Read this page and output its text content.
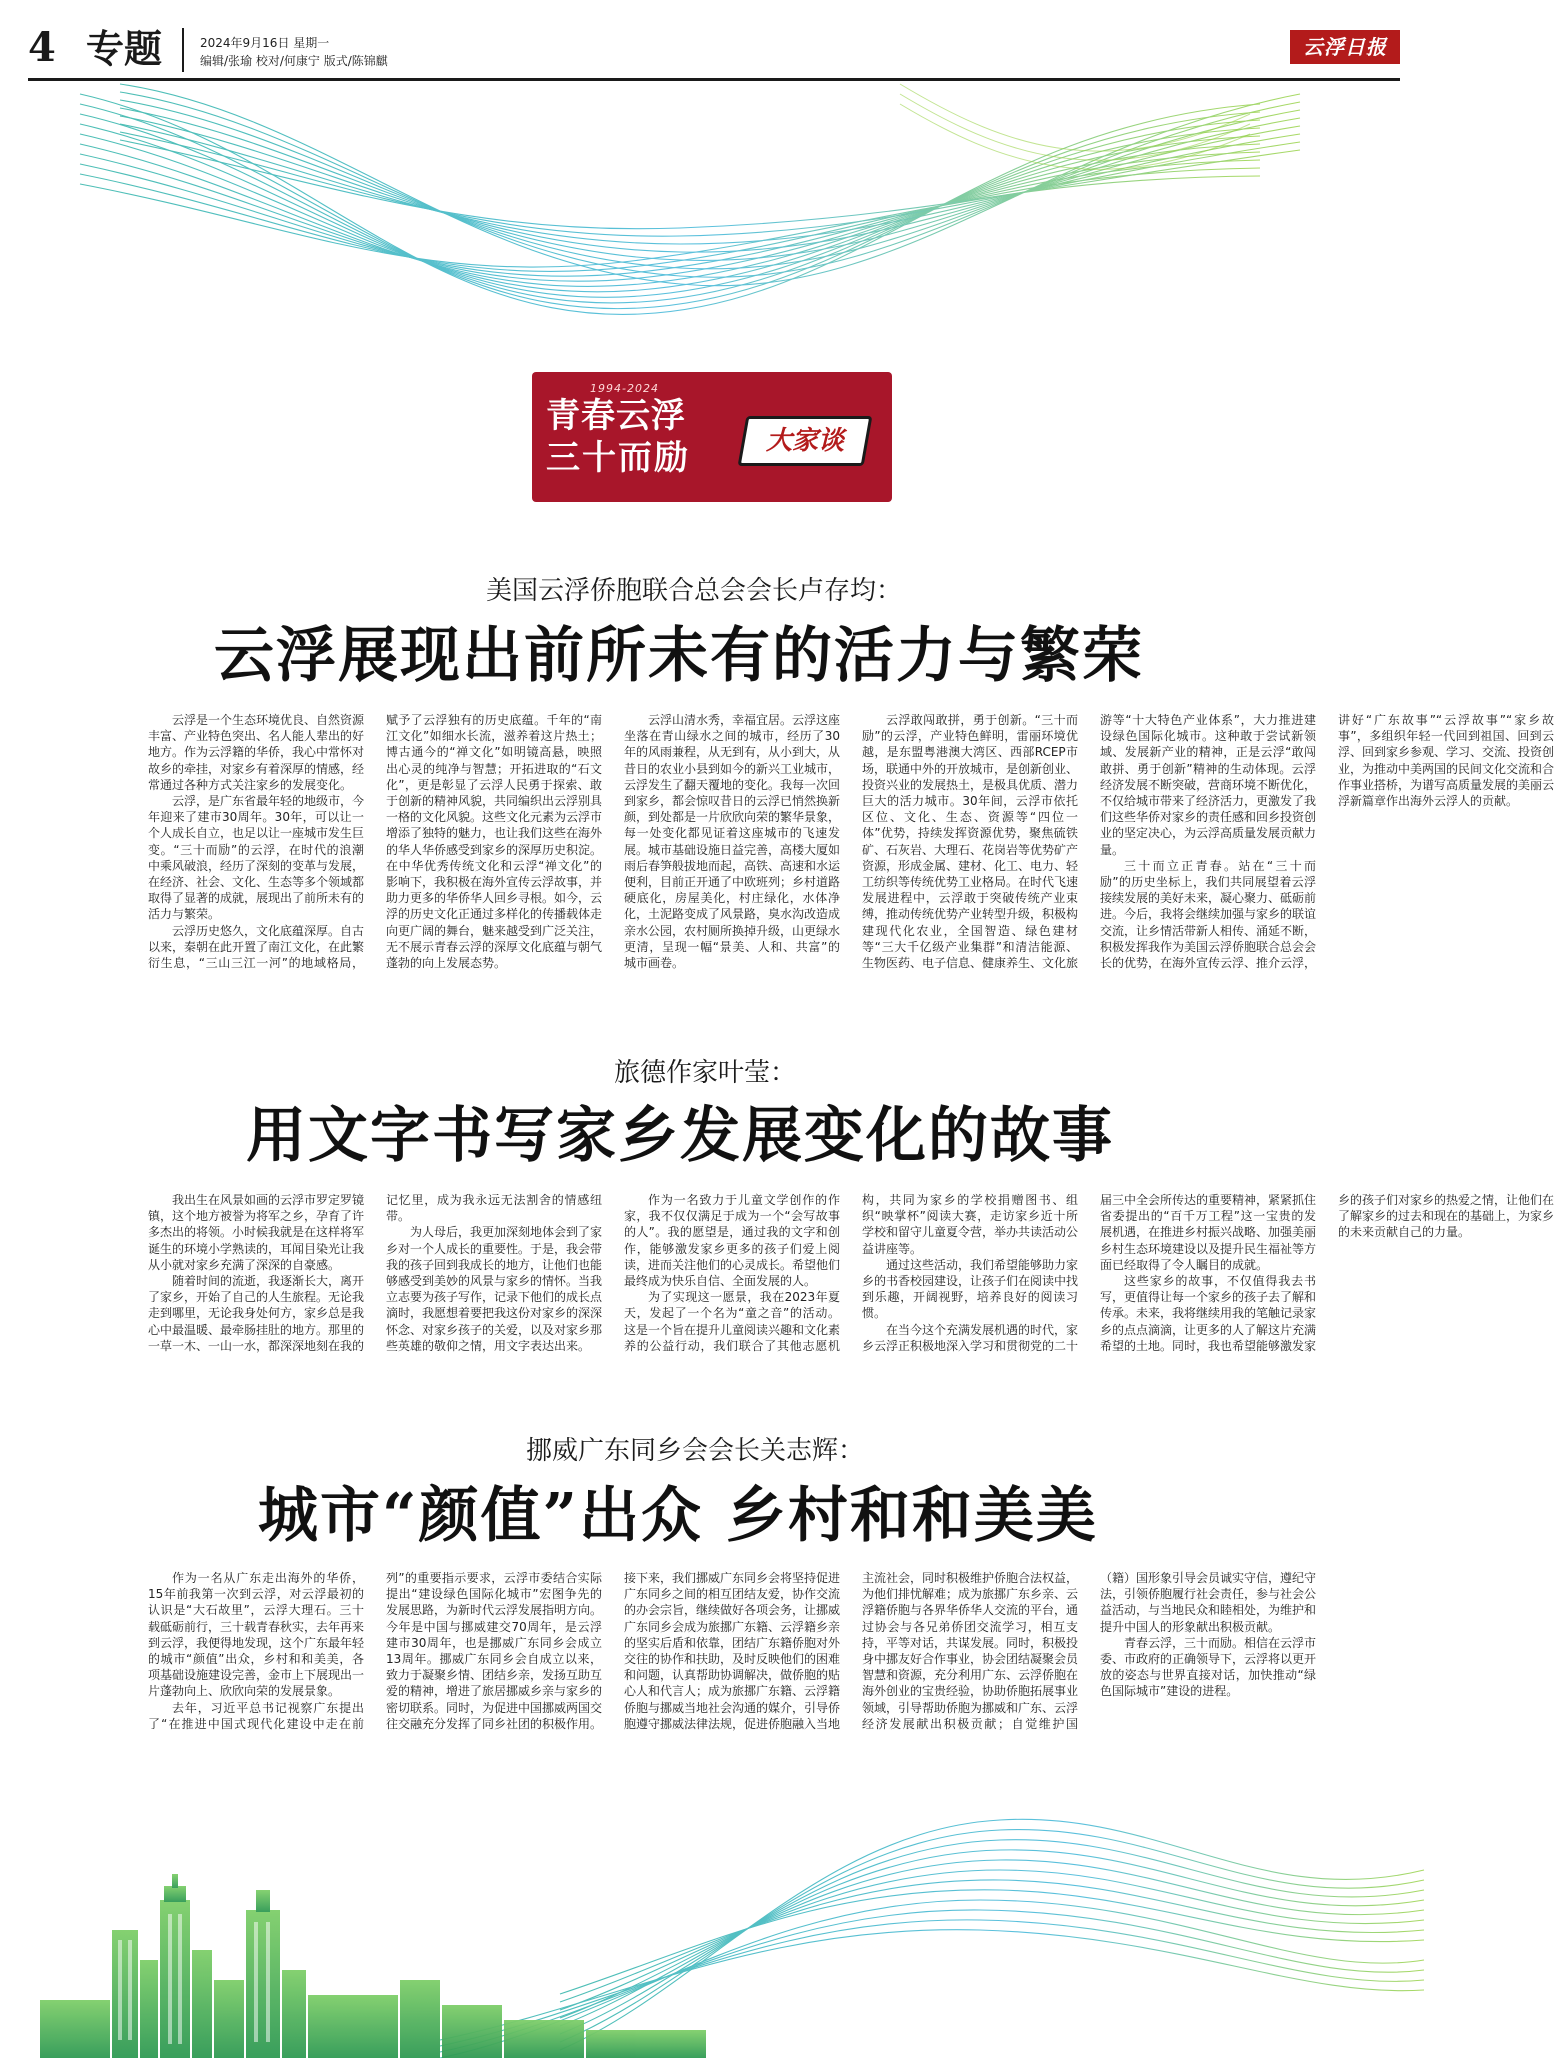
4 专题	2024年9月16日 星期一
编辑/张瑜 校对/何康宁 版式/陈锦麒
云浮日报
1994-2024
青春云浮
三十而励	大家谈
美国云浮侨胞联合总会会长卢存均：
云浮展现出前所未有的活力与繁荣

云浮是一个生态环境优良、自然资源丰富、产业特色突出、名人能人辈出的好地方。作为云浮籍的华侨，我心中常怀对故乡的牵挂，对家乡有着深厚的情感，经常通过各种方式关注家乡的发展变化。

云浮，是广东省最年轻的地级市，今年迎来了建市30周年。30年，可以让一个人成长自立，也足以让一座城市发生巨变。“三十而励”的云浮，在时代的浪潮中乘风破浪，经历了深刻的变革与发展，在经济、社会、文化、生态等多个领域都取得了显著的成就，展现出了前所未有的活力与繁荣。

云浮历史悠久，文化底蕴深厚。自古以来，秦朝在此开置了南江文化，在此繁衍生息，“三山三江一河”的地域格局，赋予了云浮独有的历史底蕴。千年的“南江文化”如细水长流，滋养着这片热土；博古通今的“禅文化”如明镜高悬，映照出心灵的纯净与智慧；开拓进取的“石文化”，更是彰显了云浮人民勇于探索、敢于创新的精神风貌，共同编织出云浮别具一格的文化风貌。这些文化元素为云浮市增添了独特的魅力，也让我们这些在海外的华人华侨感受到家乡的深厚历史积淀。在中华优秀传统文化和云浮“禅文化”的影响下，我积极在海外宣传云浮故事，并助力更多的华侨华人回乡寻根。如今，云浮的历史文化正通过多样化的传播载体走向更广阔的舞台，魅来越受到广泛关注，无不展示青春云浮的深厚文化底蕴与朝气蓬勃的向上发展态势。

云浮山清水秀，幸福宜居。云浮这座坐落在青山绿水之间的城市，经历了30年的风雨兼程，从无到有，从小到大，从昔日的农业小县到如今的新兴工业城市，云浮发生了翻天覆地的变化。我每一次回到家乡，都会惊叹昔日的云浮已悄然换新颜，到处都是一片欣欣向荣的繁华景象，每一处变化都见证着这座城市的飞速发展。城市基础设施日益完善，高楼大厦如雨后春笋般拔地而起，高铁、高速和水运便利，目前正开通了中欧班列；乡村道路硬底化，房屋美化，村庄绿化，水体净化，土泥路变成了风景路，臭水沟改造成亲水公园，农村厕所换掉升级，山更绿水更清，呈现一幅“景美、人和、共富”的城市画卷。

云浮敢闯敢拼，勇于创新。“三十而励”的云浮，产业特色鲜明，雷丽环境优越，是东盟粤港澳大湾区、西部RCEP市场，联通中外的开放城市，是创新创业、投资兴业的发展热土，是极具优质、潜力巨大的活力城市。30年间，云浮市依托区位、文化、生态、资源等“四位一体”优势，持续发挥资源优势，聚焦硫铁矿、石灰岩、大理石、花岗岩等优势矿产资源，形成金属、建材、化工、电力、轻工纺织等传统优势工业格局。在时代飞速发展进程中，云浮敢于突破传统产业束缚，推动传统优势产业转型升级，积极构建现代化农业，全国智造、绿色建材等“三大千亿级产业集群”和清洁能源、生物医药、电子信息、健康养生、文化旅游等“十大特色产业体系”，大力推进建设绿色国际化城市。这种敢于尝试新领域、发展新产业的精神，正是云浮“敢闯敢拼、勇于创新”精神的生动体现。云浮经济发展不断突破，营商环境不断优化，不仅给城市带来了经济活力，更激发了我们这些华侨对家乡的责任感和回乡投资创业的坚定决心，为云浮高质量发展贡献力量。

三十而立正青春。站在“三十而励”的历史坐标上，我们共同展望着云浮接续发展的美好未来，凝心聚力、砥砺前进。今后，我将会继续加强与家乡的联谊交流，让乡情活带新人相传、涌延不断，积极发挥我作为美国云浮侨胞联合总会会长的优势，在海外宣传云浮、推介云浮，讲好“广东故事”“云浮故事”“家乡故事”，多组织年轻一代回到祖国、回到云浮、回到家乡参观、学习、交流、投资创业，为推动中美两国的民间文化交流和合作事业搭桥，为谱写高质量发展的美丽云浮新篇章作出海外云浮人的贡献。

旅德作家叶莹：
用文字书写家乡发展变化的故事

我出生在风景如画的云浮市罗定罗镜镇，这个地方被誉为将军之乡，孕育了许多杰出的将领。小时候我就是在这样将军诞生的环境小学熟读的，耳闻目染光让我从小就对家乡充满了深深的自豪感。

随着时间的流逝，我逐渐长大，离开了家乡，开始了自己的人生旅程。无论我走到哪里，无论我身处何方，家乡总是我心中最温暖、最牵肠挂肚的地方。那里的一草一木、一山一水，都深深地刻在我的记忆里，成为我永远无法割舍的情感纽带。

为人母后，我更加深刻地体会到了家乡对一个人成长的重要性。于是，我会带我的孩子回到我成长的地方，让他们也能够感受到美妙的风景与家乡的情怀。当我立志要为孩子写作，记录下他们的成长点滴时，我愿想着要把我这份对家乡的深深怀念、对家乡孩子的关爱，以及对家乡那些英雄的敬仰之情，用文字表达出来。

作为一名致力于儿童文学创作的作家，我不仅仅满足于成为一个“会写故事的人”。我的愿望是，通过我的文字和创作，能够激发家乡更多的孩子们爱上阅读，进而关注他们的心灵成长。希望他们最终成为快乐自信、全面发展的人。

为了实现这一愿景，我在2023年夏天，发起了一个名为“童之音”的活动。这是一个旨在提升儿童阅读兴趣和文化素养的公益行动，我们联合了其他志愿机构，共同为家乡的学校捐赠图书、组织“映掌杯”阅读大赛，走访家乡近十所学校和留守儿童夏令营，举办共读活动公益讲座等。

通过这些活动，我们希望能够助力家乡的书香校园建设，让孩子们在阅读中找到乐趣，开阔视野，培养良好的阅读习惯。

在当今这个充满发展机遇的时代，家乡云浮正积极地深入学习和贯彻党的二十届三中全会所传达的重要精神，紧紧抓住省委提出的“百千万工程”这一宝贵的发展机遇，在推进乡村振兴战略、加强美丽乡村生态环境建设以及提升民生福祉等方面已经取得了令人瞩目的成就。

这些家乡的故事，不仅值得我去书写，更值得让每一个家乡的孩子去了解和传承。未来，我将继续用我的笔触记录家乡的点点滴滴，让更多的人了解这片充满希望的土地。同时，我也希望能够激发家乡的孩子们对家乡的热爱之情，让他们在了解家乡的过去和现在的基础上，为家乡的未来贡献自己的力量。

挪威广东同乡会会长关志辉：
城市“颜值”出众 乡村和和美美

作为一名从广东走出海外的华侨，15年前我第一次到云浮，对云浮最初的认识是“大石故里”，云浮大理石。三十载砥砺前行，三十载青春秋实，去年再来到云浮，我便得地发现，这个广东最年轻的城市“颜值”出众，乡村和和美美，各项基础设施建设完善，金市上下展现出一片蓬勃向上、欣欣向荣的发展景象。

去年，习近平总书记视察广东提出了“在推进中国式现代化建设中走在前列”的重要指示要求，云浮市委结合实际提出“建设绿色国际化城市”宏图争先的发展思路，为新时代云浮发展指明方向。今年是中国与挪威建交70周年，是云浮建市30周年，也是挪威广东同乡会成立13周年。挪威广东同乡会自成立以来，致力于凝聚乡情、团结乡亲，发扬互助互爱的精神，增进了旅居挪威乡亲与家乡的密切联系。同时，为促进中国挪威两国交往交融充分发挥了同乡社团的积极作用。接下来，我们挪威广东同乡会将坚持促进广东同乡之间的相互团结友爱，协作交流的办会宗旨，继续做好各项会务，让挪威广东同乡会成为旅挪广东籍、云浮籍乡亲的坚实后盾和依靠，团结广东籍侨胞对外交往的协作和扶助，及时反映他们的困难和问题，认真帮助协调解决，做侨胞的贴心人和代言人；成为旅挪广东籍、云浮籍侨胞与挪威当地社会沟通的媒介，引导侨胞遵守挪威法律法规，促进侨胞融入当地主流社会，同时积极维护侨胞合法权益，为他们排忧解难；成为旅挪广东乡亲、云浮籍侨胞与各界华侨华人交流的平台，通过协会与各兄弟侨团交流学习，相互支持，平等对话，共谋发展。同时，积极投身中挪友好合作事业，协会团结凝聚会员智慧和资源，充分利用广东、云浮侨胞在海外创业的宝贵经验，协助侨胞拓展事业领域，引导帮助侨胞为挪威和广东、云浮经济发展献出积极贡献；自觉维护国（籍）国形象引导会员诚实守信，遵纪守法，引领侨胞履行社会责任，参与社会公益活动，与当地民众和睦相处，为维护和提升中国人的形象献出积极贡献。

青春云浮，三十而励。相信在云浮市委、市政府的正确领导下，云浮将以更开放的姿态与世界直接对话，加快推动“绿色国际城市”建设的进程。
